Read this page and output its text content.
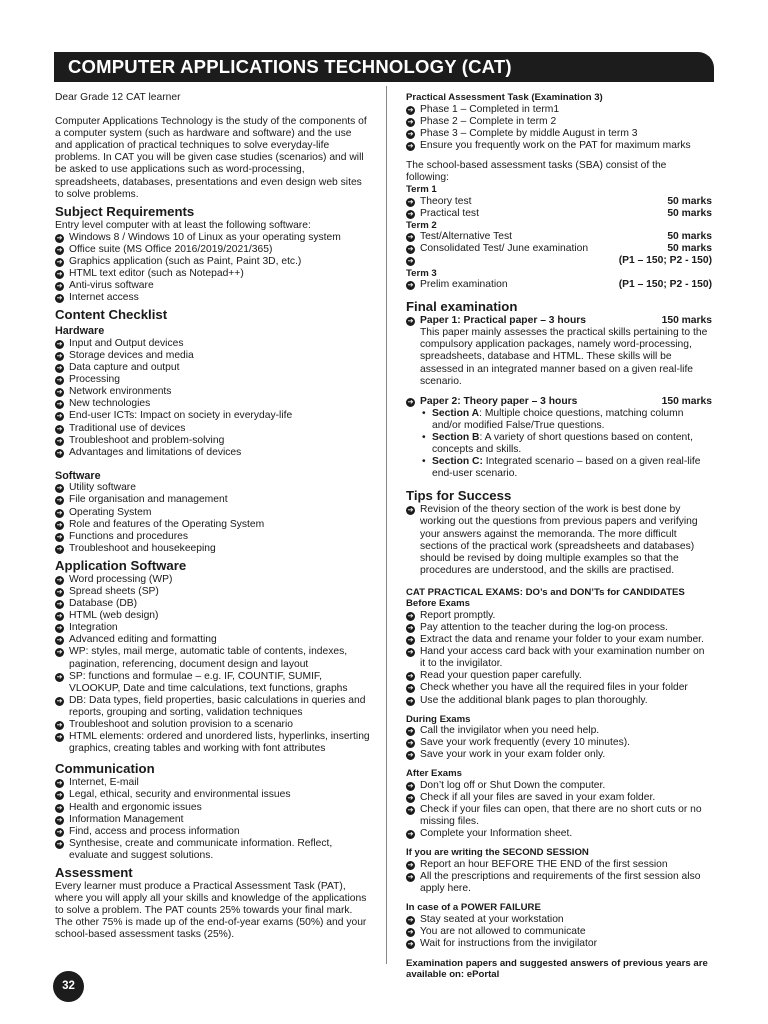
COMPUTER APPLICATIONS TECHNOLOGY (CAT)

Dear Grade 12 CAT learner

Computer Applications Technology is the study of the components of a computer system (such as hardware and software) and the use and application of practical techniques to solve everyday-life problems. In CAT you will be given case studies (scenarios) and will be asked to use applications such as word-processing, spreadsheets, databases, presentations and even design web sites to solve problems.

Subject Requirements

Entry level computer with at least the following software:

➔ Windows 8 / Windows 10 of Linux as your operating system
➔ Office suite (MS Office 2016/2019/2021/365)
➔ Graphics application (such as Paint, Paint 3D, etc.)
➔ HTML text editor (such as Notepad++)
➔ Anti-virus software
➔ Internet access
Content Checklist
Hardware
➔ Input and Output devices
➔ Storage devices and media
➔ Data capture and output
➔ Processing
➔ Network environments
➔ New technologies
➔ End-user ICTs: Impact on society in everyday-life
➔ Traditional use of devices
➔ Troubleshoot and problem-solving
➔ Advantages and limitations of devices
Software
➔ Utility software
➔ File organisation and management
➔ Operating System
➔ Role and features of the Operating System
➔ Functions and procedures
➔ Troubleshoot and housekeeping
Application Software
➔ Word processing (WP)
➔ Spread sheets (SP)
➔ Database (DB)
➔ HTML (web design)
➔ Integration
➔ Advanced editing and formatting
➔ WP: styles, mail merge, automatic table of contents, indexes, pagination, referencing, document design and layout
➔ SP: functions and formulae – e.g. IF, COUNTIF, SUMIF, VLOOKUP, Date and time calculations, text functions, graphs
➔ DB: Data types, field properties, basic calculations in queries and reports, grouping and sorting, validation techniques
➔ Troubleshoot and solution provision to a scenario
➔ HTML elements: ordered and unordered lists, hyperlinks, inserting graphics, creating tables and working with font attributes
Communication
➔ Internet, E-mail
➔ Legal, ethical, security and environmental issues
➔ Health and ergonomic issues
➔ Information Management
➔ Find, access and process information
➔ Synthesise, create and communicate information. Reflect, evaluate and suggest solutions.
Assessment

Every learner must produce a Practical Assessment Task (PAT), where you will apply all your skills and knowledge of the applications to solve a problem. The PAT counts 25% towards your final mark. The other 75% is made up of the end-of-year exams (50%) and your school-based assessment tasks (25%).

Practical Assessment Task (Examination 3)
➔ Phase 1 – Completed in term1
➔ Phase 2 – Complete in term 2
➔ Phase 3 – Complete by middle August in term 3
➔ Ensure you frequently work on the PAT for maximum marks

The school-based assessment tasks (SBA) consist of the following:

Term 1
➔ Theory test	50 marks
➔ Practical test	50 marks
Term 2
➔ Test/Alternative Test	50 marks
➔ Consolidated Test/ June examination	50 marks
➔	(P1 – 150; P2 - 150)
Term 3
➔ Prelim examination	(P1 – 150; P2 - 150)
Final examination
➔ Paper 1: Practical paper – 3 hours	150 marks

This paper mainly assesses the practical skills pertaining to the compulsory application packages, namely word-processing, spreadsheets, database and HTML. These skills will be assessed in an integrated manner based on a given real-life scenario.

➔ Paper 2: Theory paper – 3 hours	150 marks
• Section A: Multiple choice questions, matching column and/or modified False/True questions.
• Section B: A variety of short questions based on content, concepts and skills.
• Section C: Integrated scenario – based on a given real-life end-user scenario.
Tips for Success
➔ Revision of the theory section of the work is best done by working out the questions from previous papers and verifying your answers against the memoranda. The more difficult sections of the practical work (spreadsheets and databases) should be revised by doing multiple examples so that the procedures are understood, and the skills are practised.
CAT PRACTICAL EXAMS: DO’s and DON’Ts for CANDIDATES
Before Exams
➔ Report promptly.
➔ Pay attention to the teacher during the log-on process.
➔ Extract the data and rename your folder to your exam number.
➔ Hand your access card back with your examination number on it to the invigilator.
➔ Read your question paper carefully.
➔ Check whether you have all the required files in your folder
➔ Use the additional blank pages to plan thoroughly.
During Exams
➔ Call the invigilator when you need help.
➔ Save your work frequently (every 10 minutes).
➔ Save your work in your exam folder only.
After Exams
➔ Don’t log off or Shut Down the computer.
➔ Check if all your files are saved in your exam folder.
➔ Check if your files can open, that there are no short cuts or no missing files.
➔ Complete your Information sheet.
If you are writing the SECOND SESSION
➔ Report an hour BEFORE THE END of the first session
➔ All the prescriptions and requirements of the first session also apply here.
In case of a POWER FAILURE
➔ Stay seated at your workstation
➔ You are not allowed to communicate
➔ Wait for instructions from the invigilator
Examination papers and suggested answers of previous years are available on: ePortal
32
